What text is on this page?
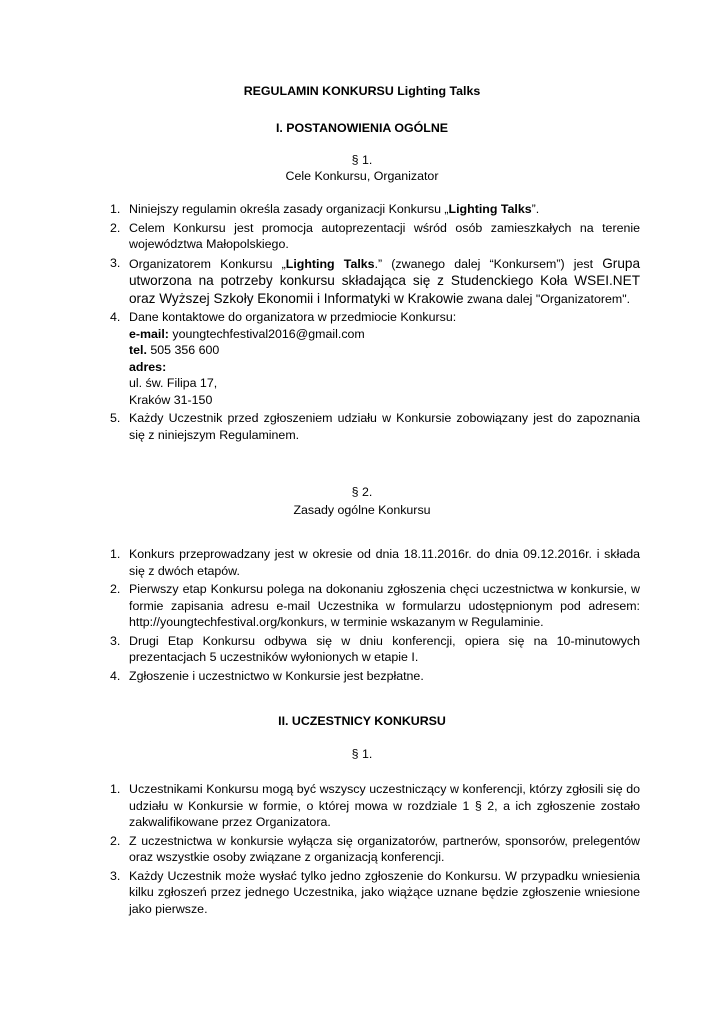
REGULAMIN KONKURSU Lighting Talks
I. POSTANOWIENIA OGÓLNE
§ 1.
Cele Konkursu, Organizator
1. Niniejszy regulamin określa zasady organizacji Konkursu „Lighting Talks”.
2. Celem Konkursu jest promocja autoprezentacji wśród osób zamieszkałych na terenie województwa Małopolskiego.
3. Organizatorem Konkursu „Lighting Talks.” (zwanego dalej “Konkursem”) jest Grupa utworzona na potrzeby konkursu składająca się z Studenckiego Koła WSEI.NET oraz Wyższej Szkoły Ekonomii i Informatyki w Krakowie zwana dalej "Organizatorem".
4. Dane kontaktowe do organizatora w przedmiocie Konkursu:
e-mail: youngtechfestival2016@gmail.com
tel. 505 356 600
adres:
ul. św. Filipa 17,
Kraków 31-150
5. Każdy Uczestnik przed zgłoszeniem udziału w Konkursie zobowiązany jest do zapoznania się z niniejszym Regulaminem.
§ 2.
Zasady ogólne Konkursu
1. Konkurs przeprowadzany jest w okresie od dnia 18.11.2016r. do dnia 09.12.2016r. i składa się z dwóch etapów.
2. Pierwszy etap Konkursu polega na dokonaniu zgłoszenia chęci uczestnictwa w konkursie, w formie zapisania adresu e-mail Uczestnika w formularzu udostępnionym pod adresem: http://youngtechfestival.org/konkurs, w terminie wskazanym w Regulaminie.
3. Drugi Etap Konkursu odbywa się w dniu konferencji, opiera się na 10-minutowych prezentacjach 5 uczestników wyłonionych w etapie I.
4. Zgłoszenie i uczestnictwo w Konkursie jest bezpłatne.
II. UCZESTNICY KONKURSU
§ 1.
1. Uczestnikami Konkursu mogą być wszyscy uczestniczący w konferencji, którzy zgłosili się do udziału w Konkursie w formie, o której mowa w rozdziale 1 § 2, a ich zgłoszenie zostało zakwalifikowane przez Organizatora.
2. Z uczestnictwa w konkursie wyłącza się organizatorów, partnerów, sponsorów, prelegentów oraz wszystkie osoby związane z organizacją konferencji.
3. Każdy Uczestnik może wysłać tylko jedno zgłoszenie do Konkursu. W przypadku wniesienia kilku zgłoszeń przez jednego Uczestnika, jako wiążące uznane będzie zgłoszenie wniesione jako pierwsze.
